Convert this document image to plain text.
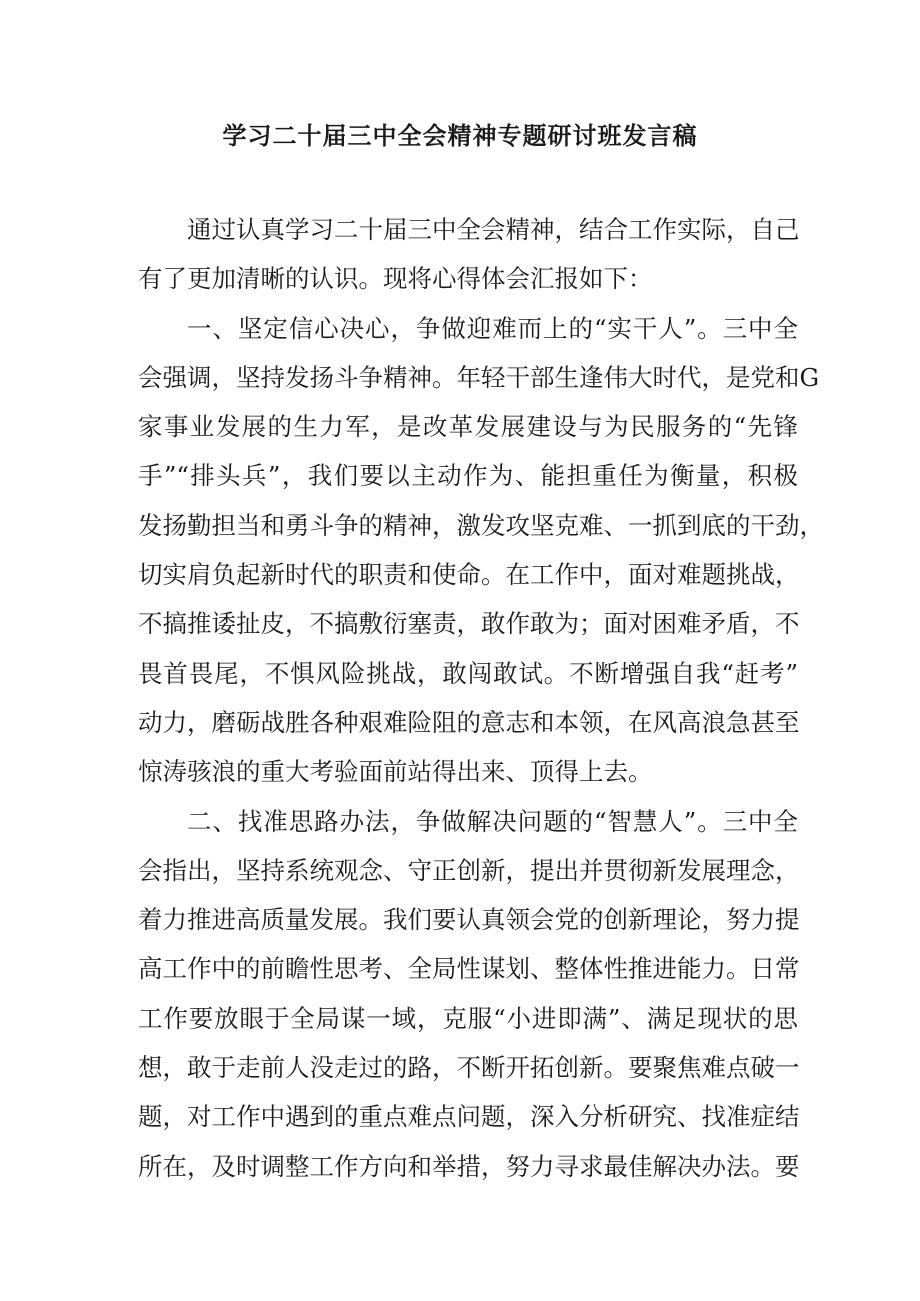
学习二十届三中全会精神专题研讨班发言稿
通过认真学习二十届三中全会精神，结合工作实际，自己
有了更加清晰的认识。现将心得体会汇报如下：
一、坚定信心决心，争做迎难而上的“实干人”。三中全
会强调，坚持发扬斗争精神。年轻干部生逢伟大时代，是党和G
家事业发展的生力军，是改革发展建设与为民服务的“先锋
手”“排头兵”，我们要以主动作为、能担重任为衡量，积极
发扬勤担当和勇斗争的精神，激发攻坚克难、一抓到底的干劲，
切实肩负起新时代的职责和使命。在工作中，面对难题挑战，
不搞推诿扯皮，不搞敷衍塞责，敢作敢为；面对困难矛盾，不
畏首畏尾，不惧风险挑战，敢闯敢试。不断增强自我“赶考”
动力，磨砺战胜各种艰难险阻的意志和本领，在风高浪急甚至
惊涛骇浪的重大考验面前站得出来、顶得上去。
二、找准思路办法，争做解决问题的“智慧人”。三中全
会指出，坚持系统观念、守正创新，提出并贯彻新发展理念，
着力推进高质量发展。我们要认真领会党的创新理论，努力提
高工作中的前瞻性思考、全局性谋划、整体性推进能力。日常
工作要放眼于全局谋一域，克服“小进即满”、满足现状的思
想，敢于走前人没走过的路，不断开拓创新。要聚焦难点破一
题，对工作中遇到的重点难点问题，深入分析研究、找准症结
所在，及时调整工作方向和举措，努力寻求最佳解决办法。要
